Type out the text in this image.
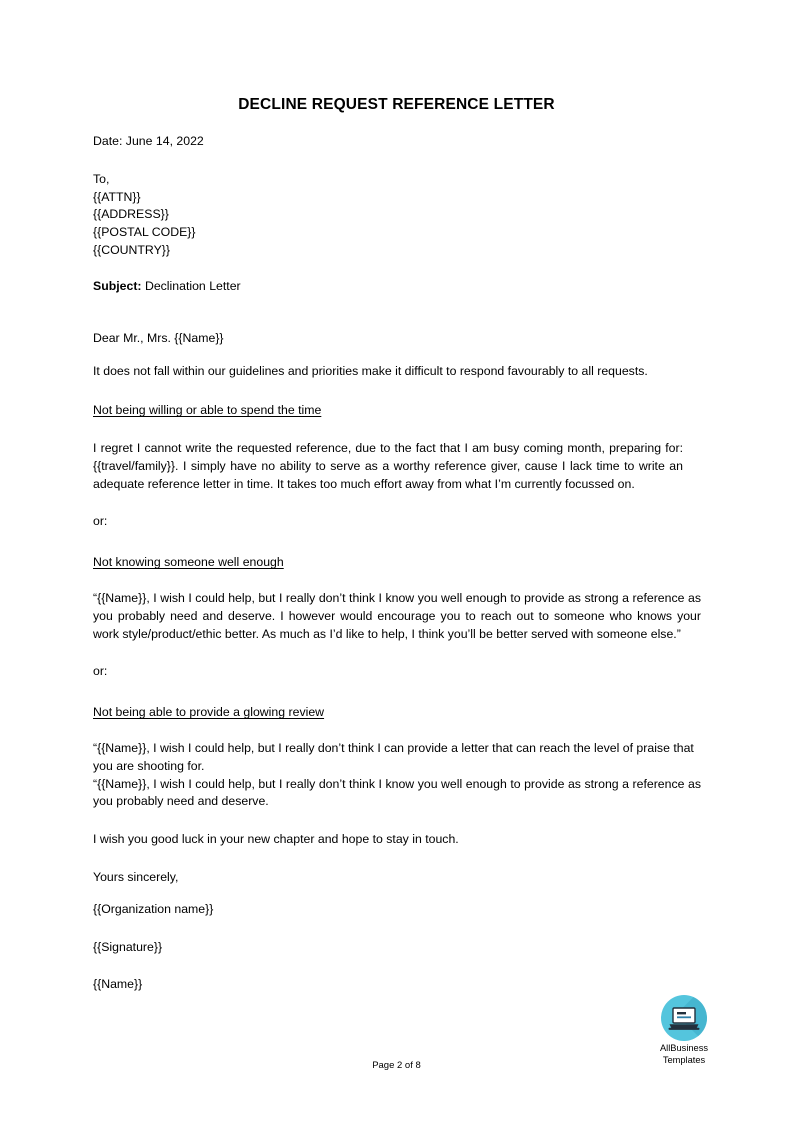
DECLINE REQUEST REFERENCE LETTER
Date: June 14, 2022
To,
{{ATTN}}
{{ADDRESS}}
{{POSTAL CODE}}
{{COUNTRY}}
Subject: Declination Letter
Dear Mr., Mrs. {{Name}}
It does not fall within our guidelines and priorities make it difficult to respond favourably to all requests.
Not being willing or able to spend the time
I regret I cannot write the requested reference, due to the fact that I am busy coming month, preparing for: {{travel/family}}. I simply have no ability to serve as a worthy reference giver, cause I lack time to write an adequate reference letter in time. It takes too much effort away from what I’m currently focussed on.
or:
Not knowing someone well enough
“{{Name}}, I wish I could help, but I really don’t think I know you well enough to provide as strong a reference as you probably need and deserve. I however would encourage you to reach out to someone who knows your work style/product/ethic better. As much as I’d like to help, I think you’ll be better served with someone else.”
or:
Not being able to provide a glowing review
“{{Name}}, I wish I could help, but I really don’t think I can provide a letter that can reach the level of praise that you are shooting for.
“{{Name}}, I wish I could help, but I really don’t think I know you well enough to provide as strong a reference as you probably need and deserve.
I wish you good luck in your new chapter and hope to stay in touch.
Yours sincerely,
{{Organization name}}
{{Signature}}
{{Name}}
Page 2 of 8
AllBusiness
Templates
